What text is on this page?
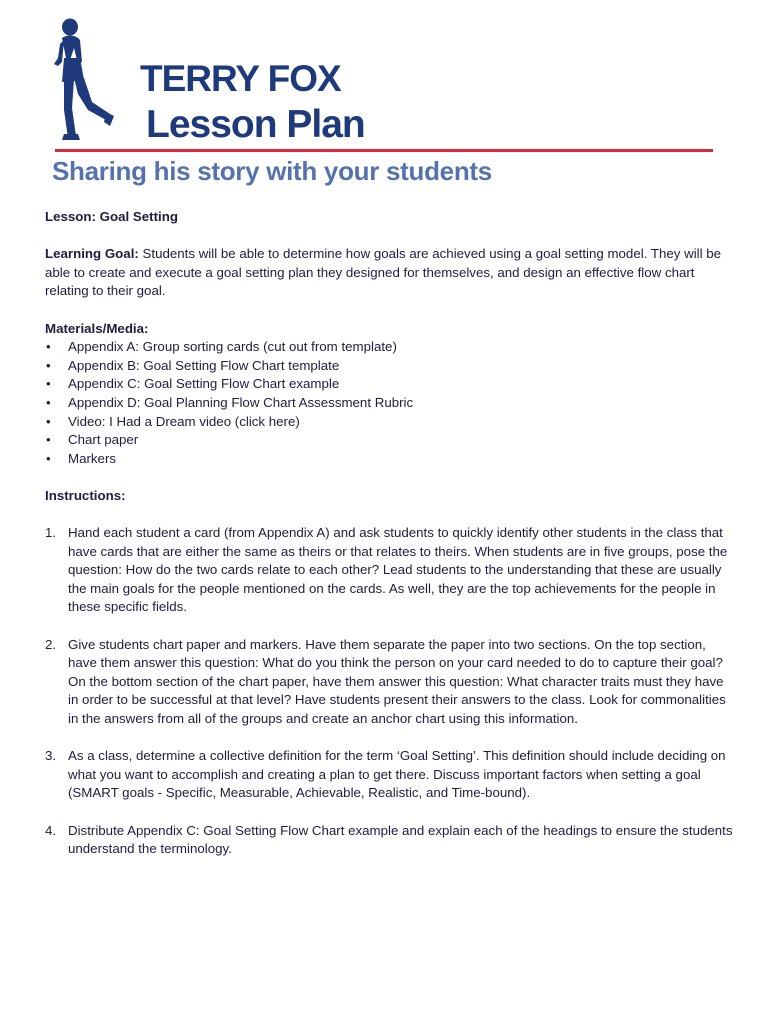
TERRY FOX
Lesson Plan
Sharing his story with your students

Lesson: Goal Setting

Learning Goal: Students will be able to determine how goals are achieved using a goal setting model. They will be able to create and execute a goal setting plan they designed for themselves, and design an effective flow chart relating to their goal.

Materials/Media:

• Appendix A: Group sorting cards (cut out from template)
• Appendix B: Goal Setting Flow Chart template
• Appendix C: Goal Setting Flow Chart example
• Appendix D: Goal Planning Flow Chart Assessment Rubric
• Video: I Had a Dream video (click here)
• Chart paper
• Markers

Instructions:

1. Hand each student a card (from Appendix A) and ask students to quickly identify other students in the class that have cards that are either the same as theirs or that relates to theirs. When students are in five groups, pose the question: How do the two cards relate to each other? Lead students to the understanding that these are usually the main goals for the people mentioned on the cards. As well, they are the top achievements for the people in these specific fields.
2. Give students chart paper and markers. Have them separate the paper into two sections. On the top section, have them answer this question: What do you think the person on your card needed to do to capture their goal? On the bottom section of the chart paper, have them answer this question: What character traits must they have in order to be successful at that level? Have students present their answers to the class. Look for commonalities in the answers from all of the groups and create an anchor chart using this information.
3. As a class, determine a collective definition for the term ‘Goal Setting’. This definition should include deciding on what you want to accomplish and creating a plan to get there. Discuss important factors when setting a goal (SMART goals - Specific, Measurable, Achievable, Realistic, and Time-bound).
4. Distribute Appendix C: Goal Setting Flow Chart example and explain each of the headings to ensure the students understand the terminology.
